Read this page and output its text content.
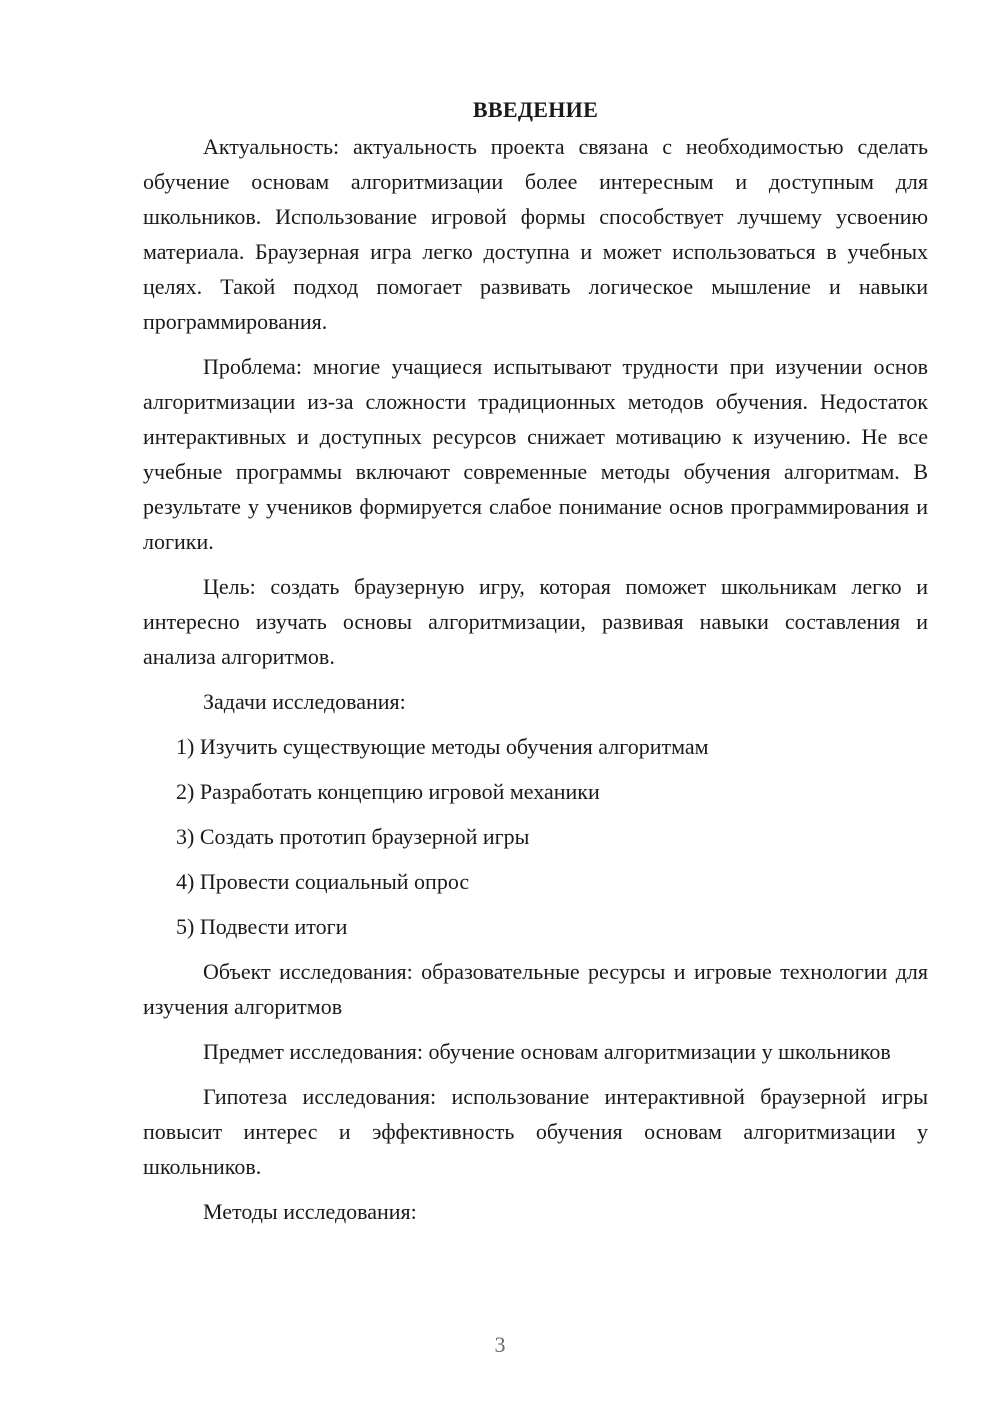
ВВЕДЕНИЕ

Актуальность: актуальность проекта связана с необходимостью сделать обучение основам алгоритмизации более интересным и доступным для школьников. Использование игровой формы способствует лучшему усвоению материала. Браузерная игра легко доступна и может использоваться в учебных целях. Такой подход помогает развивать логическое мышление и навыки программирования.

Проблема: многие учащиеся испытывают трудности при изучении основ алгоритмизации из-за сложности традиционных методов обучения. Недостаток интерактивных и доступных ресурсов снижает мотивацию к изучению. Не все учебные программы включают современные методы обучения алгоритмам. В результате у учеников формируется слабое понимание основ программирования и логики.

Цель: создать браузерную игру, которая поможет школьникам легко и интересно изучать основы алгоритмизации, развивая навыки составления и анализа алгоритмов.

Задачи исследования:

1) Изучить существующие методы обучения алгоритмам
2) Разработать концепцию игровой механики
3) Создать прототип браузерной игры
4) Провести социальный опрос
5) Подвести итоги

Объект исследования: образовательные ресурсы и игровые технологии для изучения алгоритмов

Предмет исследования: обучение основам алгоритмизации у школьников

Гипотеза исследования: использование интерактивной браузерной игры повысит интерес и эффективность обучения основам алгоритмизации у школьников.

Методы исследования:

3
